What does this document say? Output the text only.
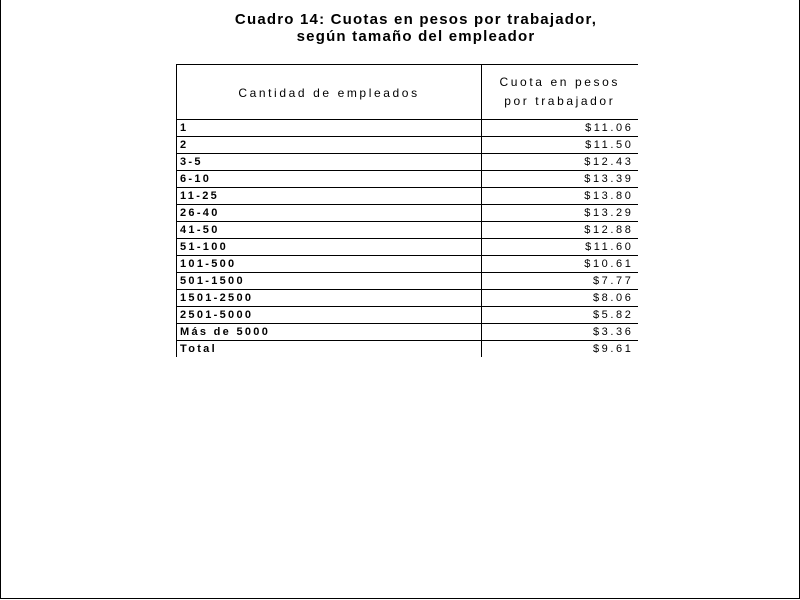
Cuadro 14: Cuotas en pesos por trabajador,
según tamaño del empleador
Cantidad de empleados	Cuota en pesos
por trabajador

1	$11.06
2	$11.50
3-5	$12.43
6-10	$13.39
11-25	$13.80
26-40	$13.29
41-50	$12.88
51-100	$11.60
101-500	$10.61
501-1500	$7.77
1501-2500	$8.06
2501-5000	$5.82
Más de 5000	$3.36
Total	$9.61
